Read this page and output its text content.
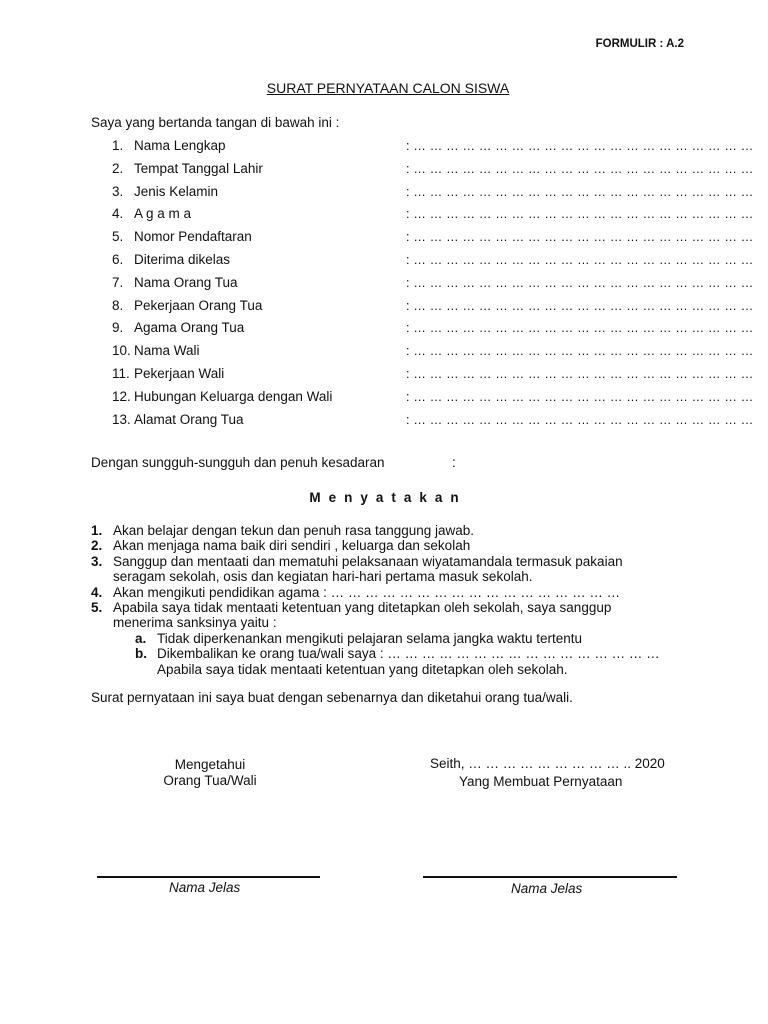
FORMULIR : A.2
SURAT PERNYATAAN CALON SISWA
Saya yang bertanda tangan di bawah ini :
1. Nama Lengkap	: … … … … … … … … … … … … … … … … … … … … …
2. Tempat Tanggal Lahir	: … … … … … … … … … … … … … … … … … … … … …
3. Jenis Kelamin	: … … … … … … … … … … … … … … … … … … … … …
4. A g a m a	: … … … … … … … … … … … … … … … … … … … … …
5. Nomor Pendaftaran	: … … … … … … … … … … … … … … … … … … … … …
6. Diterima dikelas	: … … … … … … … … … … … … … … … … … … … … …
7. Nama Orang Tua	: … … … … … … … … … … … … … … … … … … … … …
8. Pekerjaan Orang Tua	: … … … … … … … … … … … … … … … … … … … … …
9. Agama Orang Tua	: … … … … … … … … … … … … … … … … … … … … …
10. Nama Wali	: … … … … … … … … … … … … … … … … … … … … …
11. Pekerjaan Wali	: … … … … … … … … … … … … … … … … … … … … …
12. Hubungan Keluarga dengan Wali	: … … … … … … … … … … … … … … … … … … … … …
13. Alamat Orang Tua	: … … … … … … … … … … … … … … … … … … … … …
Dengan sungguh-sungguh dan penuh kesadaran	:
Menyatakan
1. Akan belajar dengan tekun dan penuh rasa tanggung jawab.
2. Akan menjaga nama baik diri sendiri , keluarga dan sekolah
3. Sanggup dan mentaati dan mematuhi pelaksanaan wiyatamandala termasuk pakaian
seragam sekolah, osis dan kegiatan hari-hari pertama masuk sekolah.
4. Akan mengikuti pendidikan agama : … … … … … … … … … … … … … … … … …
5. Apabila saya tidak mentaati ketentuan yang ditetapkan oleh sekolah, saya sanggup
menerima sanksinya yaitu :
a. Tidak diperkenankan mengikuti pelajaran selama jangka waktu tertentu
b. Dikembalikan ke orang tua/wali saya : … … … … … … … … … … … … … … … …
Apabila saya tidak mentaati ketentuan yang ditetapkan oleh sekolah.
Surat pernyataan ini saya buat dengan sebenarnya dan diketahui orang tua/wali.
Mengetahui
Orang Tua/Wali
Seith, … … … … … … … … … .. 2020
Yang Membuat Pernyataan
Nama Jelas	Nama Jelas
